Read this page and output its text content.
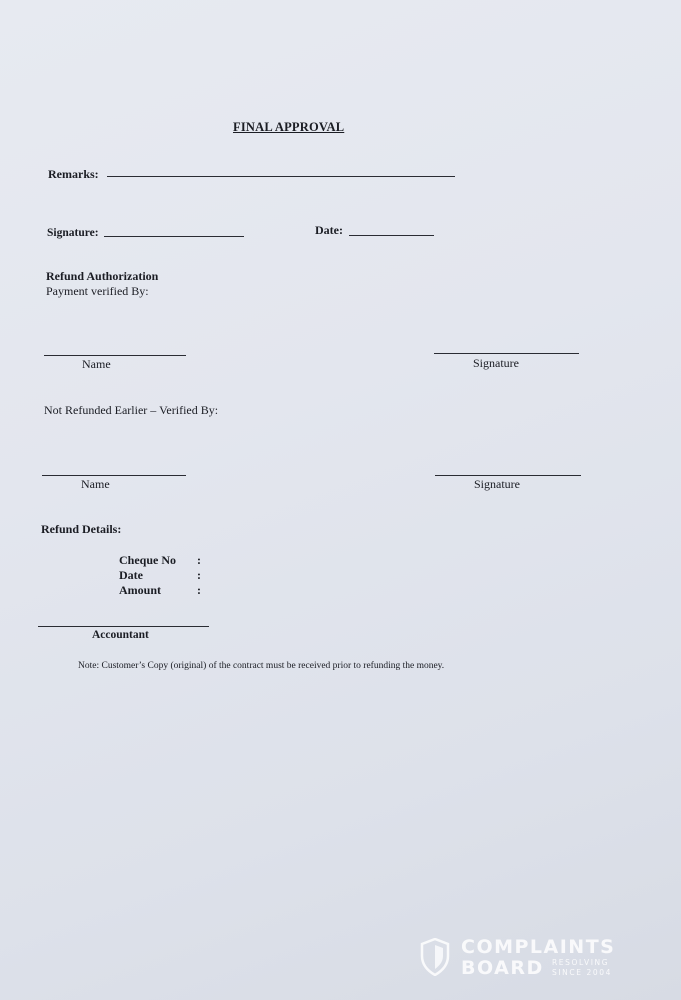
FINAL APPROVAL
Remarks:
Signature:	Date:
Refund Authorization
Payment verified By:
Name	Signature
Not Refunded Earlier – Verified By:
Name	Signature
Refund Details:
Cheque No :
Date	:
Amount	:
Accountant
Note: Customer’s Copy (original) of the contract must be received prior to refunding the money.
COMPLAINTS
BOARD RESOLVING
SINCE 2004
